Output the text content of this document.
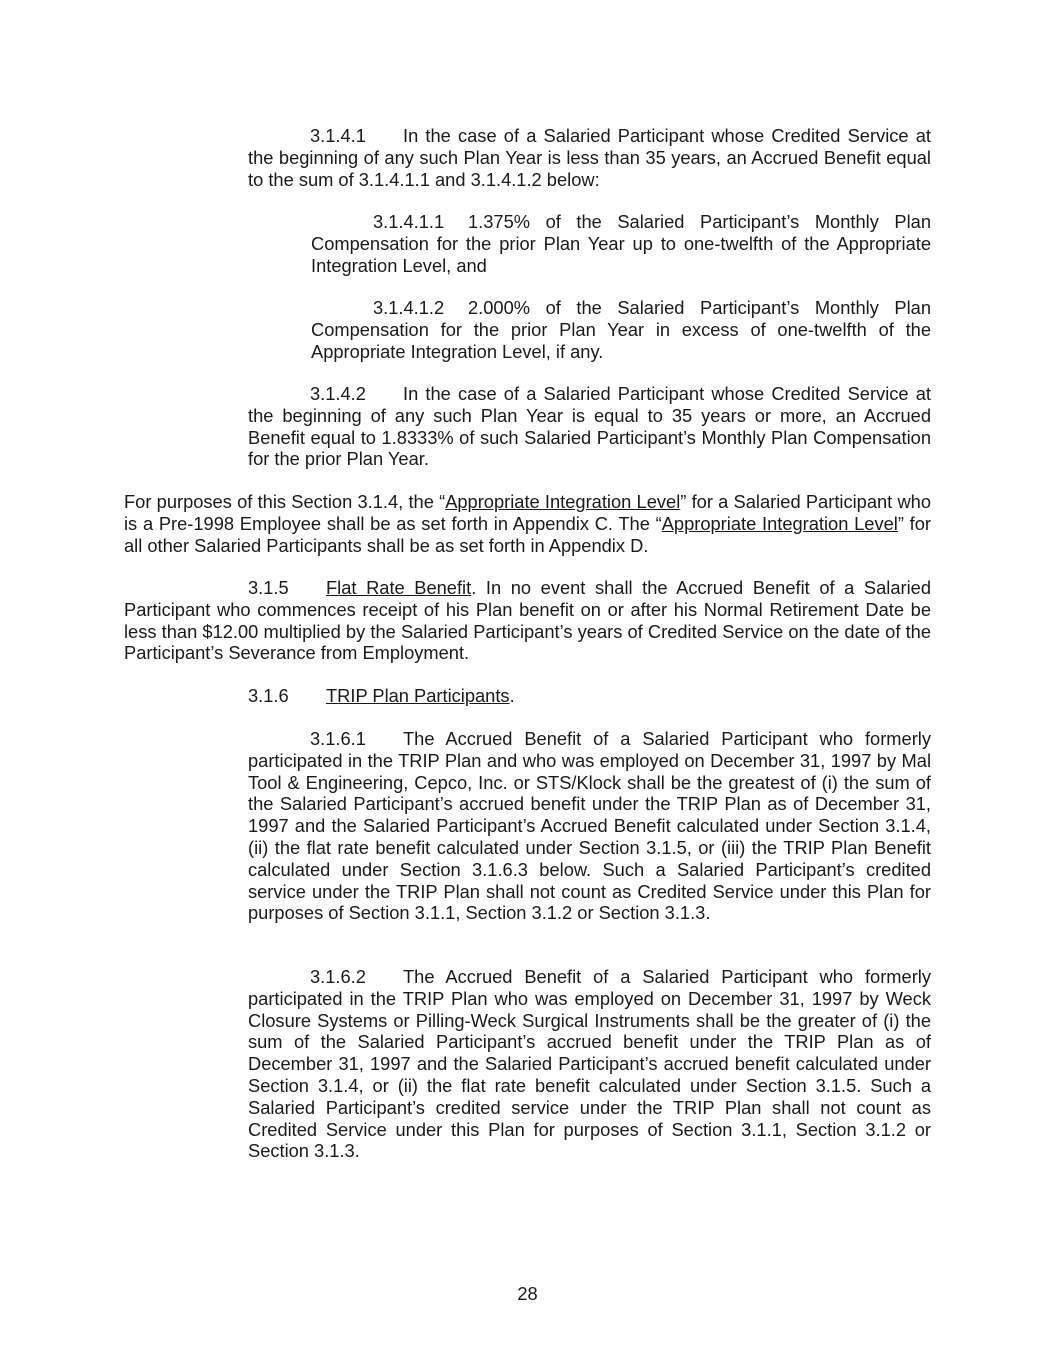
3.1.4.1 In the case of a Salaried Participant whose Credited Service at the beginning of any such Plan Year is less than 35 years, an Accrued Benefit equal to the sum of 3.1.4.1.1 and 3.1.4.1.2 below:

3.1.4.1.1 1.375% of the Salaried Participant’s Monthly Plan Compensation for the prior Plan Year up to one-twelfth of the Appropriate Integration Level, and

3.1.4.1.2 2.000% of the Salaried Participant’s Monthly Plan Compensation for the prior Plan Year in excess of one-twelfth of the Appropriate Integration Level, if any.

3.1.4.2 In the case of a Salaried Participant whose Credited Service at the beginning of any such Plan Year is equal to 35 years or more, an Accrued Benefit equal to 1.8333% of such Salaried Participant’s Monthly Plan Compensation for the prior Plan Year.

For purposes of this Section 3.1.4, the “Appropriate Integration Level” for a Salaried Participant who is a Pre-1998 Employee shall be as set forth in Appendix C. The “Appropriate Integration Level” for all other Salaried Participants shall be as set forth in Appendix D.

3.1.5 Flat Rate Benefit. In no event shall the Accrued Benefit of a Salaried Participant who commences receipt of his Plan benefit on or after his Normal Retirement Date be less than $12.00 multiplied by the Salaried Participant’s years of Credited Service on the date of the Participant’s Severance from Employment.

3.1.6 TRIP Plan Participants.

3.1.6.1 The Accrued Benefit of a Salaried Participant who formerly participated in the TRIP Plan and who was employed on December 31, 1997 by Mal Tool & Engineering, Cepco, Inc. or STS/Klock shall be the greatest of (i) the sum of the Salaried Participant’s accrued benefit under the TRIP Plan as of December 31, 1997 and the Salaried Participant’s Accrued Benefit calculated under Section 3.1.4, (ii) the flat rate benefit calculated under Section 3.1.5, or (iii) the TRIP Plan Benefit calculated under Section 3.1.6.3 below. Such a Salaried Participant’s credited service under the TRIP Plan shall not count as Credited Service under this Plan for purposes of Section 3.1.1, Section 3.1.2 or Section 3.1.3.

3.1.6.2 The Accrued Benefit of a Salaried Participant who formerly participated in the TRIP Plan who was employed on December 31, 1997 by Weck Closure Systems or Pilling-Weck Surgical Instruments shall be the greater of (i) the sum of the Salaried Participant’s accrued benefit under the TRIP Plan as of December 31, 1997 and the Salaried Participant’s accrued benefit calculated under Section 3.1.4, or (ii) the flat rate benefit calculated under Section 3.1.5. Such a Salaried Participant’s credited service under the TRIP Plan shall not count as Credited Service under this Plan for purposes of Section 3.1.1, Section 3.1.2 or Section 3.1.3.

28
